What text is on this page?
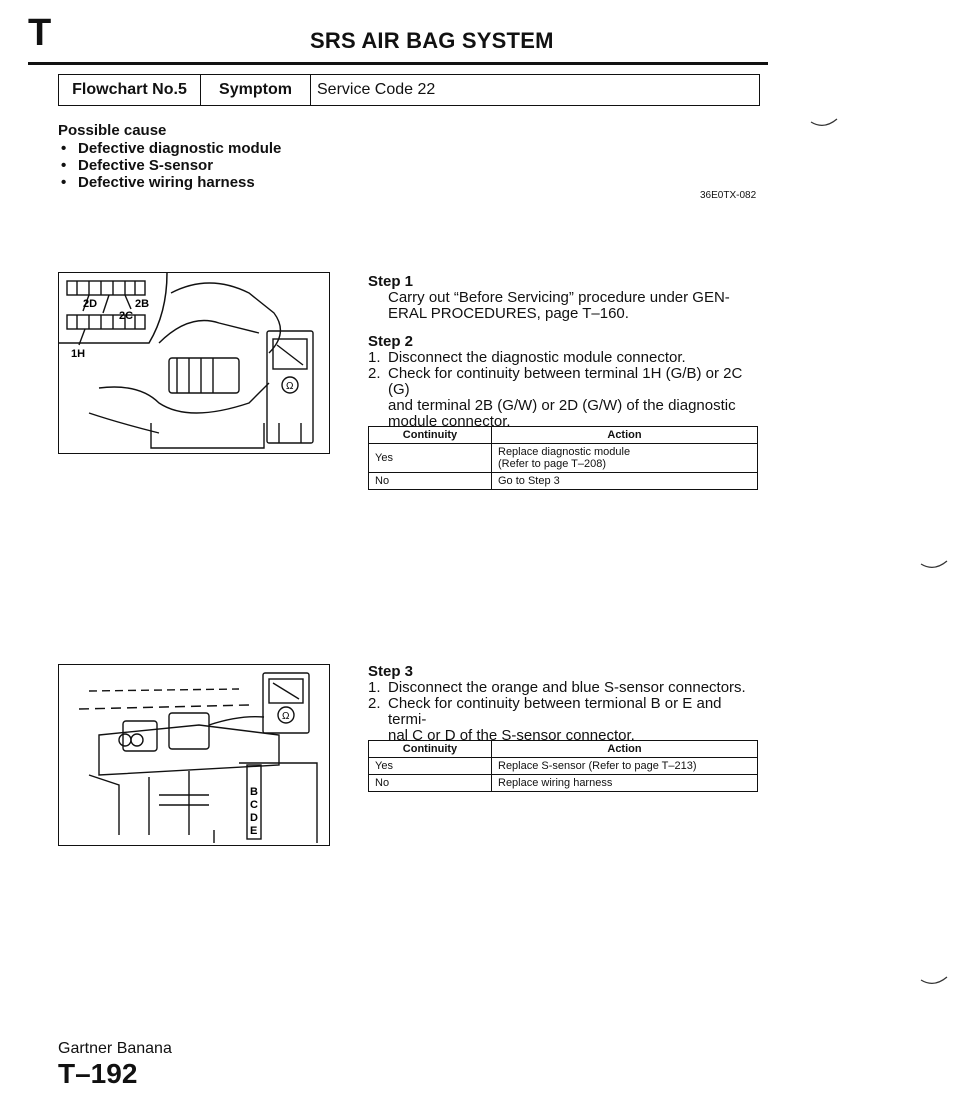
T	SRS AIR BAG SYSTEM
Flowchart No.5	Symptom	Service Code 22
Possible cause
• Defective diagnostic module
• Defective S-sensor
• Defective wiring harness
36E0TX-082
2D
2C
2B
1H
Ω
Ω
B
C
D
E
Step 1
Carry out “Before Servicing” procedure under GEN-
ERAL PROCEDURES, page T–160.
Step 2
1. Disconnect the diagnostic module connector.
2. Check for continuity between terminal 1H (G/B) or 2C (G)
and terminal 2B (G/W) or 2D (G/W) of the diagnostic
module connector.
Continuity	Action
Yes	Replace diagnostic module
(Refer to page T–208)

No	Go to Step 3
Step 3
1. Disconnect the orange and blue S-sensor connectors.
2. Check for continuity between termional B or E and termi-
nal C or D of the S-sensor connector.
Continuity	Action
Yes	Replace S-sensor (Refer to page T–213)
No	Replace wiring harness
Gartner Banana
T–192
